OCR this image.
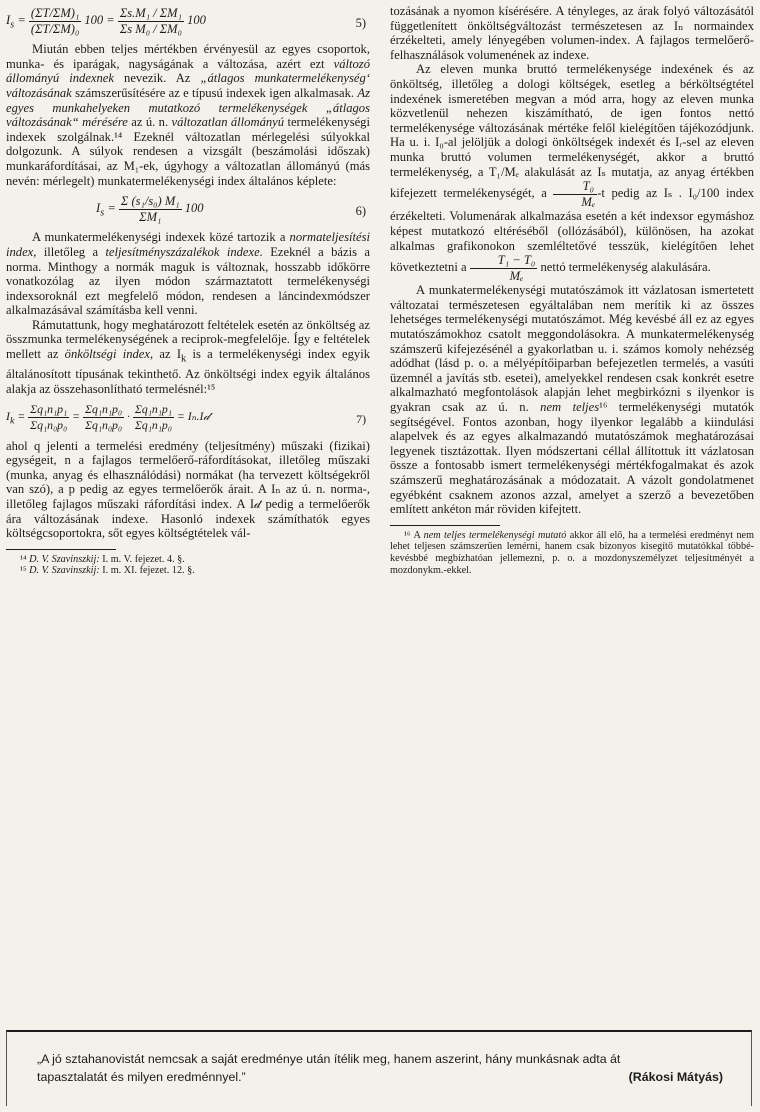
$I_s = \frac{\text{(ΣT/ΣM)₁}}{\text{(ΣT/ΣM)₀}} 100 = \frac{\text{Σs.M₁ / ΣM₁}}{\text{Σs M₀ / ΣM₀}} 100$	5)

Miután ebben teljes mértékben érvényesül az egyes csoportok, munka- és iparágak, nagyságának a változása, azért ezt változó állományú indexnek nevezik. Az „átlagos munkatermelékenység‘ változásának számszerűsítésére az e típusú indexek igen alkalmasak. Az egyes munkahelyeken mutatkozó termelékenységek „átlagos változásának“ mérésére az ú. n. változatlan állományú termelékenységi indexek szolgálnak.¹⁴ Ezeknél változatlan mérlegelési súlyokkal dolgozunk. A súlyok rendesen a vizsgált (beszámolási időszak) munkaráfordításai, az M₁-ek, úgyhogy a változatlan állományú (más nevén: mérlegelt) munkatermelékenységi index általános képlete:

$I_s = \frac{\text{Σ (s₁/s₀) M₁}}{\text{ΣM₁}} 100$	6)

A munkatermelékenységi indexek közé tartozik a normateljesítési index, illetőleg a teljesítményszázalékok indexe. Ezeknél a bázis a norma. Minthogy a normák maguk is változnak, hosszabb időkörre vonatkozólag az ilyen módon származtatott termelékenységi indexsoroknál ezt megfelelő módon, rendesen a láncindexmódszer alkalmazásával számításba kell venni.

Rámutattunk, hogy meghatározott feltételek esetén az önköltség az összmunka termelékenységének a reciprok-megfelelője. Így e feltételek mellett az önköltségi index, az $I_k$ is a termelékenységi index egyik általánosított típusának tekinthető. Az önköltségi index egyik általános alakja az összehasonlítható termelésnél:¹⁵

$I_k = \frac{\text{Σq₁n₁p₁}}{\text{Σq₁n₀p₀}} = \frac{\text{Σq₁n₁p₀}}{\text{Σq₁n₀p₀}} \cdot \frac{\text{Σq₁n₁p₁}}{\text{Σq₁n₁p₀}}$ = Iₙ.I𝒹	7)

ahol q jelenti a termelési eredmény (teljesítmény) műszaki (fizikai) egységeit, n a fajlagos termelőerő-ráfordításokat, illetőleg műszaki (munka, anyag és elhasználódási) normákat (ha tervezett költségekről van szó), a p pedig az egyes termelőerők árait. A Iₙ az ú. n. norma-, illetőleg fajlagos műszaki ráfordítási index. A I𝒹 pedig a termelőerők ára változásának indexe. Hasonló indexek számíthatók egyes költségcsoportokra, sőt egyes költségtételek vál-

¹⁴ D. V. Szavinszkij: I. m. V. fejezet. 4. §.

¹⁵ D. V. Szavinszkij: I. m. XI. fejezet. 12. §.

tozásának a nyomon kísérésére. A tényleges, az árak folyó változásától függetlenített önköltségváltozást természetesen az Iₙ normaindex érzékelteti, amely lényegében volumen-index. A fajlagos termelőerő-felhasználások volumenének az indexe.

Az eleven munka bruttó termelékenysége indexének és az önköltség, illetőleg a dologi költségek, esetleg a bérköltségtétel indexének ismeretében megvan a mód arra, hogy az eleven munka közvetlenül nehezen kiszámítható, de igen fontos nettó termelékenysége változásának mértéke felől kielégítően tájékozódjunk. Ha u. i. I₀-al jelöljük a dologi önköltségek indexét és Iᵣ-sel az eleven munka bruttó volumen termelékenységét, akkor a bruttó termelékenység, a T₁/Mₑ alakulását az Iₛ mutatja, az anyag értékben kifejezett termelékenységét, a $\frac{\text{T₀}}{\text{Mₑ}} -t$ pedig az Iₛ . I₀/100 index érzékelteti. Volumenárak alkalmazása esetén a két indexsor egymáshoz képest mutatkozó eltéréséből (ollózásából), különösen, ha azokat alkalmas grafikonokon szemléltetővé tesszük, kielégítően lehet következtetni a $\frac{\text{T₁ − T₀}}{\text{Mₑ}}$ nettó termelékenység alakulására.

A munkatermelékenységi mutatószámok itt vázlatosan ismertetett változatai természetesen egyáltalában nem merítik ki az összes lehetséges termelékenységi mutatószámot. Még kevésbé áll ez az egyes mutatószámokhoz csatolt meggondolásokra. A munkatermelékenység számszerű kifejezésénél a gyakorlatban u. i. számos komoly nehézség adódhat (lásd p. o. a mélyépítőiparban befejezetlen termelés, a vasúti üzemnél a javítás stb. esetei), amelyekkel rendesen csak konkrét esetre alkalmazható megfontolások alapján lehet megbirkózni s ilyenkor is gyakran csak az ú. n. nem teljes¹⁶ termelékenységi mutatók segítségével. Fontos azonban, hogy ilyenkor legalább a kiindulási alapelvek és az egyes alkalmazandó mutatószámok meghatározásai legyenek tisztázottak. Ilyen módszertani céllal állítottuk itt vázlatosan össze a fontosabb ismert termelékenységi mértékfogalmakat és azok számszerű meghatározásának a módozatait. A vázolt gondolatmenet egyébként csaknem azonos azzal, amelyet a szerző a bevezetőben említett ankéton már röviden kifejtett.

¹⁶ A nem teljes termelékenységi mutató akkor áll elő, ha a termelési eredményt nem lehet teljesen számszerűen lemérni, hanem csak bizonyos kisegítő mutatókkal többé-kevésbbé megbízhatóan jellemezni, p. o. a mozdonyszemélyzet teljesítményét a mozdonykm.-ekkel.

„A jó sztahanovistát nemcsak a saját eredménye után ítélik meg, hanem aszerint, hány munkásnak adta át
tapasztalatát és milyen eredménnyel.”	(Rákosi Mátyás)
